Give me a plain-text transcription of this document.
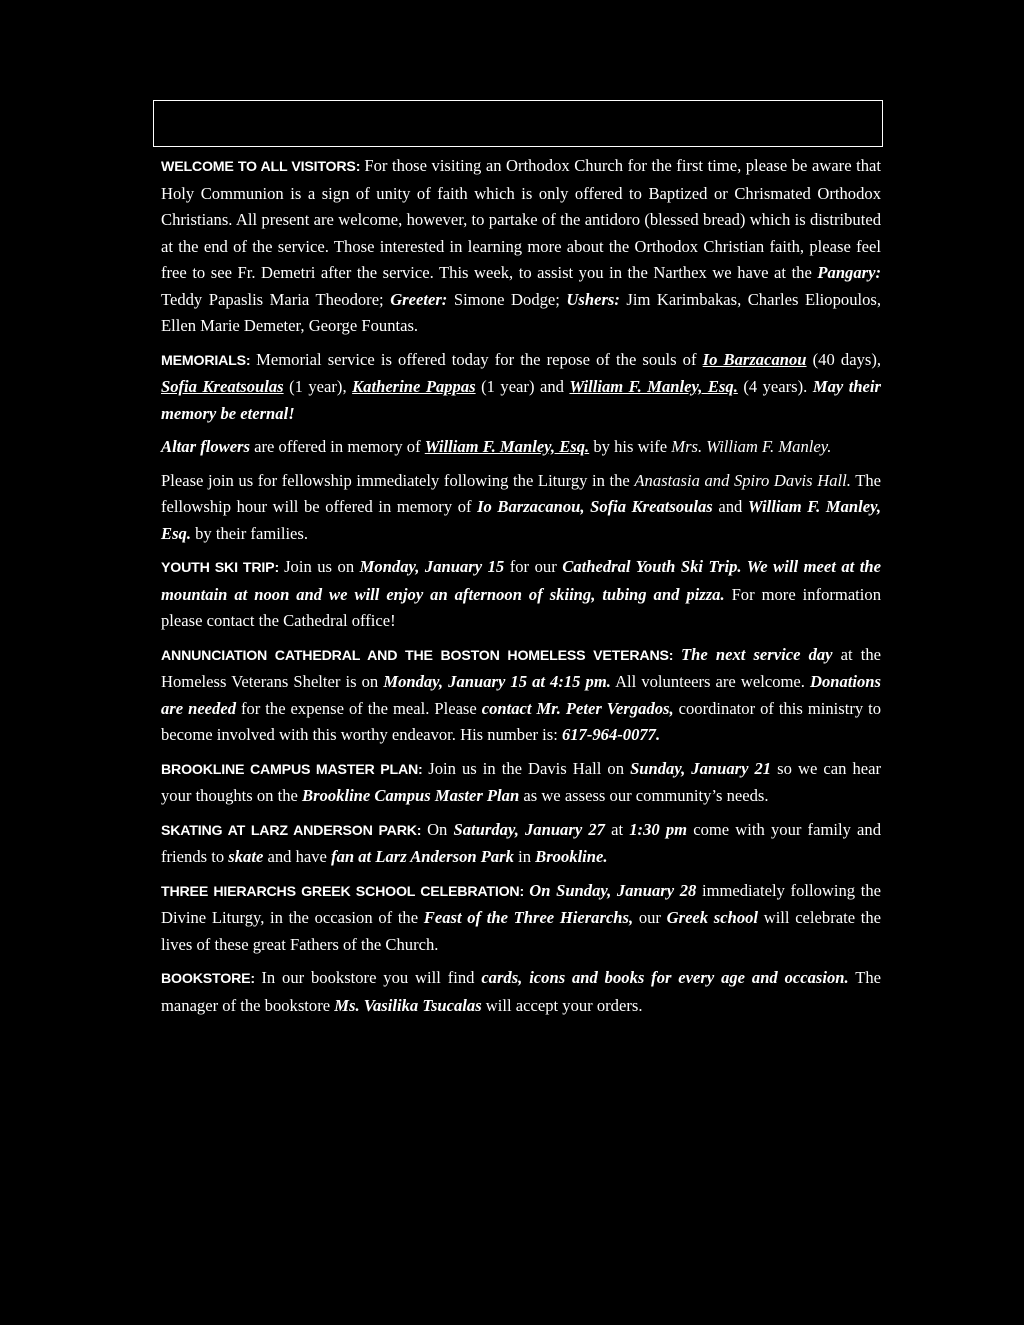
WELCOME TO ALL VISITORS: For those visiting an Orthodox Church for the first time, please be aware that Holy Communion is a sign of unity of faith which is only offered to Baptized or Chrismated Orthodox Christians. All present are welcome, however, to partake of the antidoro (blessed bread) which is distributed at the end of the service. Those interested in learning more about the Orthodox Christian faith, please feel free to see Fr. Demetri after the service. This week, to assist you in the Narthex we have at the Pangary: Teddy Papaslis Maria Theodore; Greeter: Simone Dodge; Ushers: Jim Karimbakas, Charles Eliopoulos, Ellen Marie Demeter, George Fountas.

MEMORIALS: Memorial service is offered today for the repose of the souls of Io Barzacanou (40 days), Sofia Kreatsoulas (1 year), Katherine Pappas (1 year) and William F. Manley, Esq. (4 years). May their memory be eternal!

Altar flowers are offered in memory of William F. Manley, Esq. by his wife Mrs. William F. Manley.

Please join us for fellowship immediately following the Liturgy in the Anastasia and Spiro Davis Hall. The fellowship hour will be offered in memory of Io Barzacanou, Sofia Kreatsoulas and William F. Manley, Esq. by their families.

YOUTH SKI TRIP: Join us on Monday, January 15 for our Cathedral Youth Ski Trip. We will meet at the mountain at noon and we will enjoy an afternoon of skiing, tubing and pizza. For more information please contact the Cathedral office!

ANNUNCIATION CATHEDRAL AND THE BOSTON HOMELESS VETERANS: The next service day at the Homeless Veterans Shelter is on Monday, January 15 at 4:15 pm. All volunteers are welcome. Donations are needed for the expense of the meal. Please contact Mr. Peter Vergados, coordinator of this ministry to become involved with this worthy endeavor. His number is: 617-964-0077.

BROOKLINE CAMPUS MASTER PLAN: Join us in the Davis Hall on Sunday, January 21 so we can hear your thoughts on the Brookline Campus Master Plan as we assess our community’s needs.

SKATING AT LARZ ANDERSON PARK: On Saturday, January 27 at 1:30 pm come with your family and friends to skate and have fan at Larz Anderson Park in Brookline.

THREE HIERARCHS GREEK SCHOOL CELEBRATION: On Sunday, January 28 immediately following the Divine Liturgy, in the occasion of the Feast of the Three Hierarchs, our Greek school will celebrate the lives of these great Fathers of the Church.

BOOKSTORE: In our bookstore you will find cards, icons and books for every age and occasion. The manager of the bookstore Ms. Vasilika Tsucalas will accept your orders.
